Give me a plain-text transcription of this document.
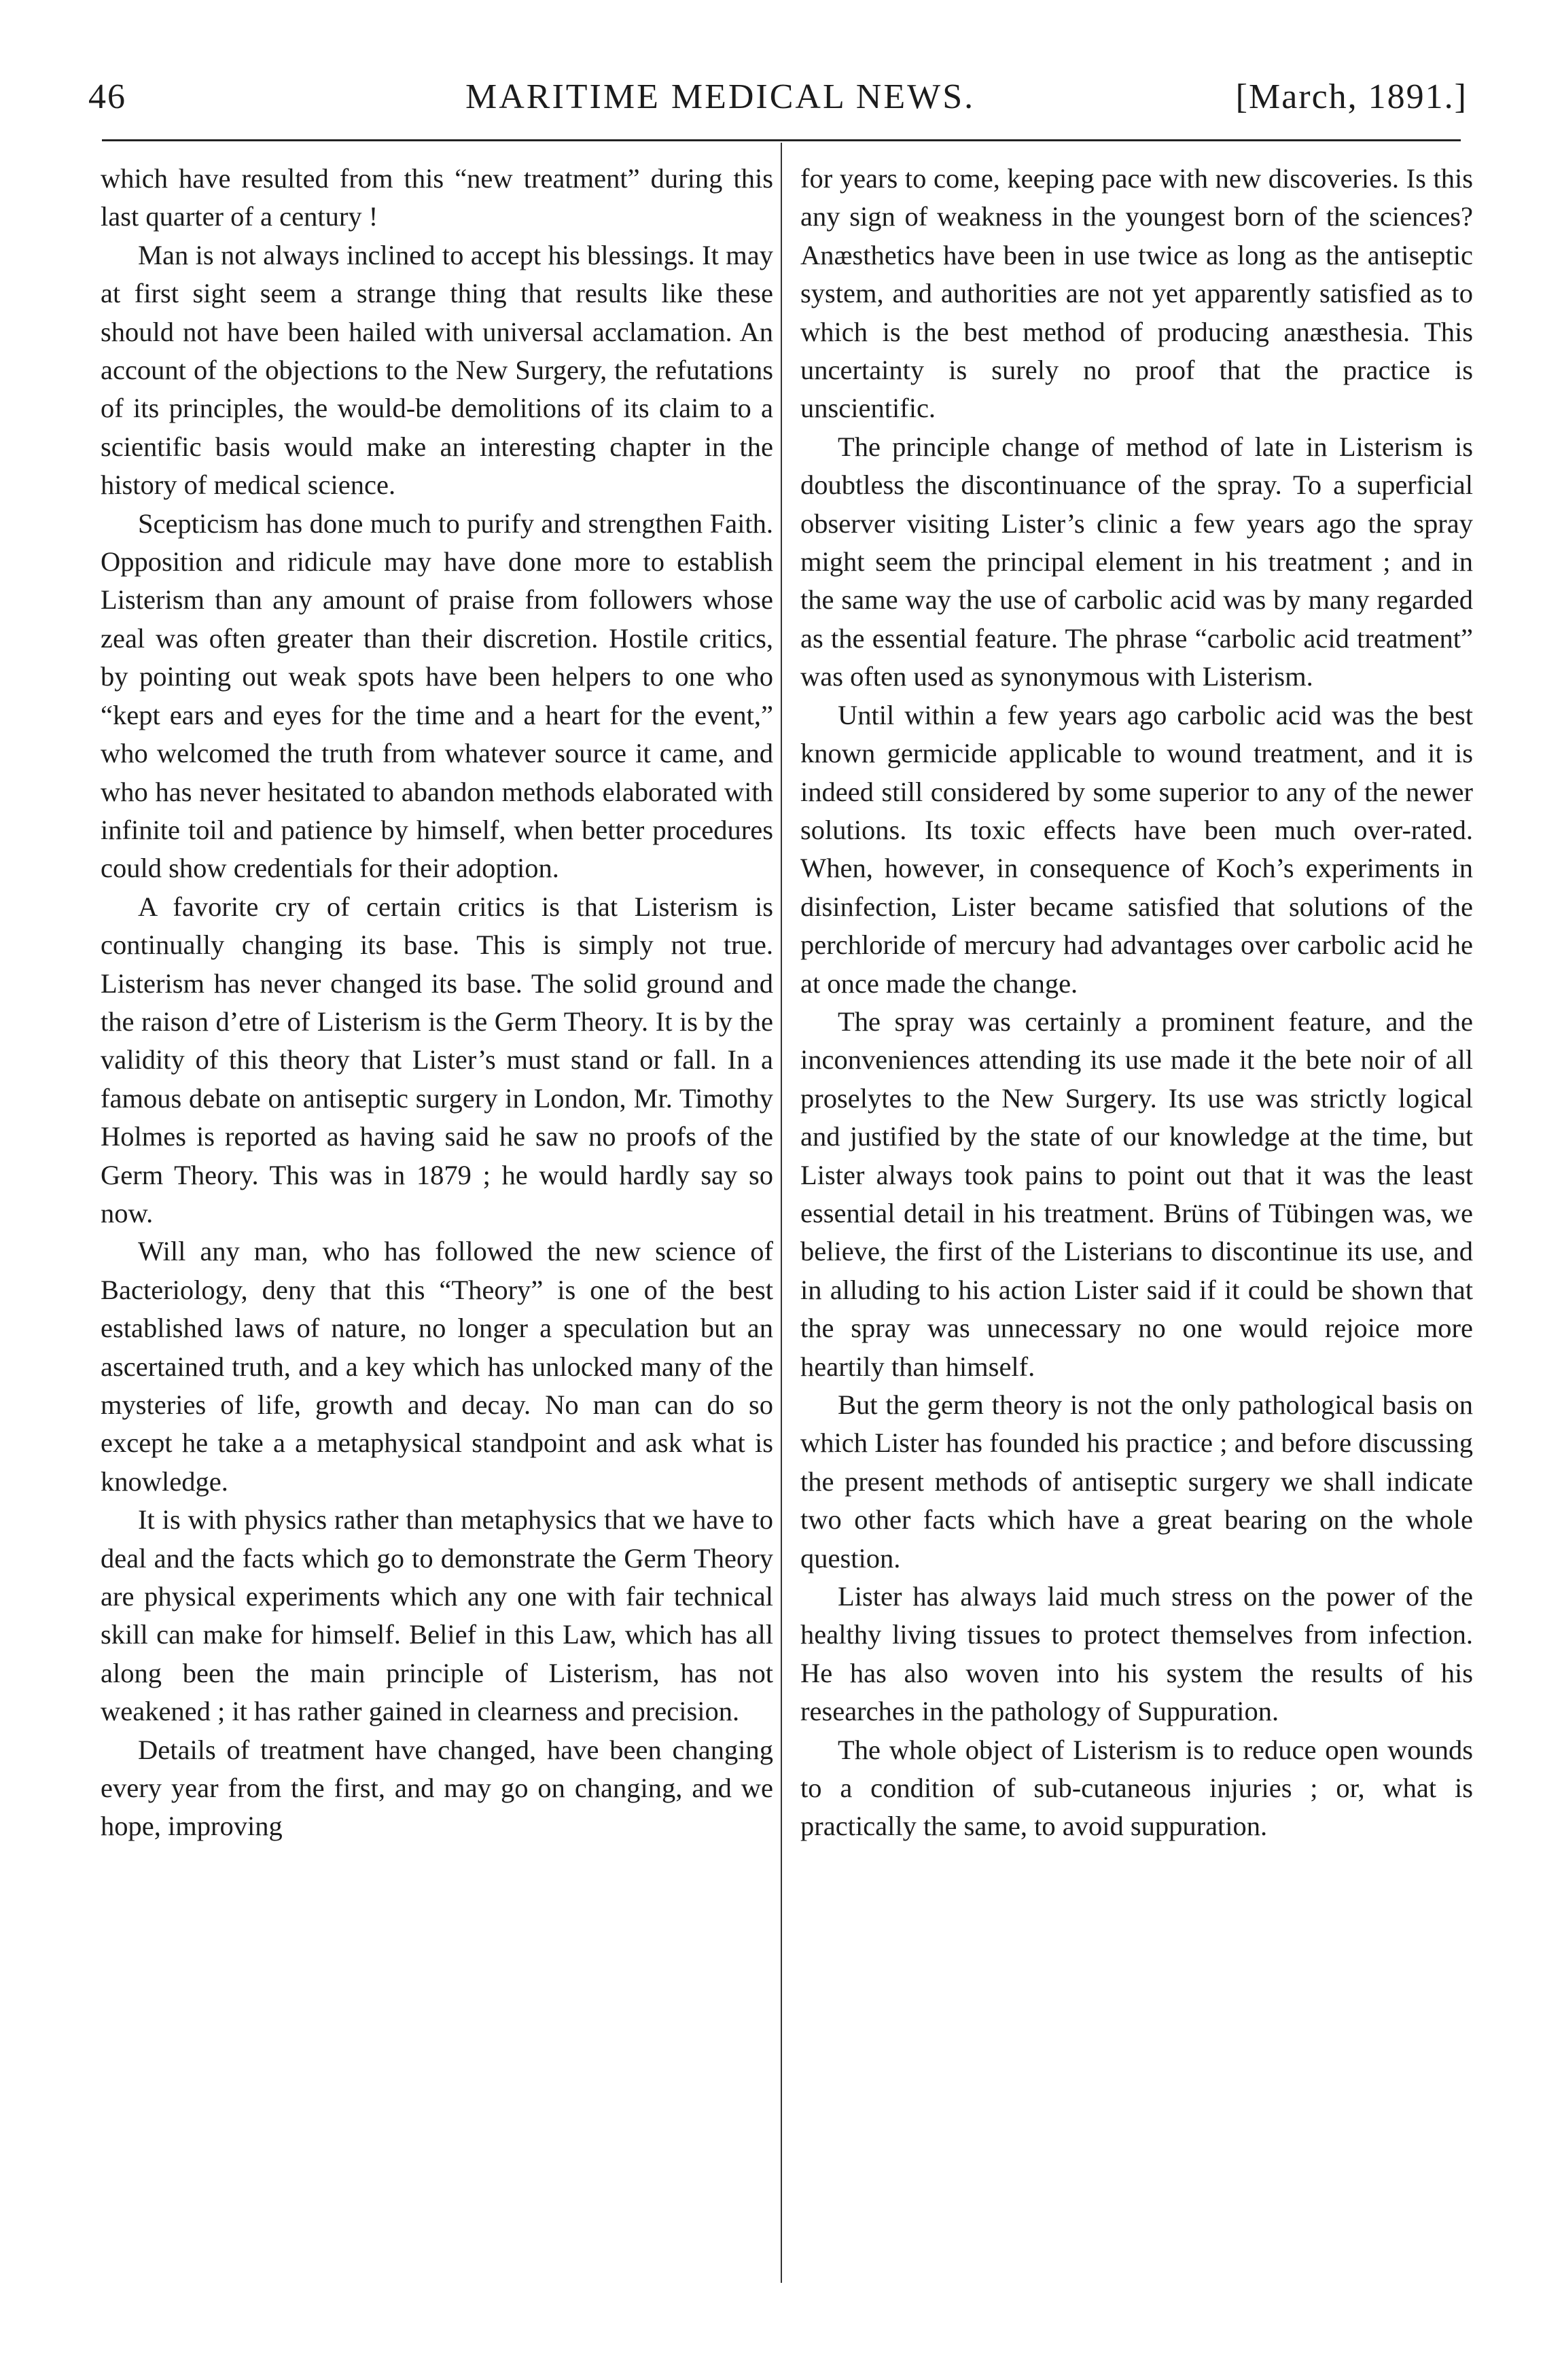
46	MARITIME MEDICAL NEWS.	[March, 1891.]

which have resulted from this “new treatment” during this last quarter of a century !

Man is not always inclined to accept his blessings. It may at first sight seem a strange thing that results like these should not have been hailed with universal acclamation. An account of the objections to the New Surgery, the refutations of its principles, the would-be demolitions of its claim to a scientific basis would make an interesting chapter in the history of medical science.

Scepticism has done much to purify and strengthen Faith. Opposition and ridicule may have done more to establish Listerism than any amount of praise from followers whose zeal was often greater than their discretion. Hostile critics, by pointing out weak spots have been helpers to one who “kept ears and eyes for the time and a heart for the event,” who welcomed the truth from whatever source it came, and who has never hesitated to abandon methods elaborated with infinite toil and patience by himself, when better procedures could show credentials for their adoption.

A favorite cry of certain critics is that Listerism is continually changing its base. This is simply not true. Listerism has never changed its base. The solid ground and the raison d’etre of Listerism is the Germ Theory. It is by the validity of this theory that Lister’s must stand or fall. In a famous debate on antiseptic surgery in London, Mr. Timothy Holmes is reported as having said he saw no proofs of the Germ Theory. This was in 1879 ; he would hardly say so now.

Will any man, who has followed the new science of Bacteriology, deny that this “Theory” is one of the best established laws of nature, no longer a speculation but an ascertained truth, and a key which has unlocked many of the mysteries of life, growth and decay. No man can do so except he take a a metaphysical standpoint and ask what is knowledge.

It is with physics rather than metaphysics that we have to deal and the facts which go to demonstrate the Germ Theory are physical experiments which any one with fair technical skill can make for himself. Belief in this Law, which has all along been the main principle of Listerism, has not weakened ; it has rather gained in clearness and precision.

Details of treatment have changed, have been changing every year from the first, and may go on changing, and we hope, improving

for years to come, keeping pace with new discoveries. Is this any sign of weakness in the youngest born of the sciences? Anæsthetics have been in use twice as long as the antiseptic system, and authorities are not yet apparently satisfied as to which is the best method of producing anæsthesia. This uncertainty is surely no proof that the practice is unscientific.

The principle change of method of late in Listerism is doubtless the discontinuance of the spray. To a superficial observer visiting Lister’s clinic a few years ago the spray might seem the principal element in his treatment ; and in the same way the use of carbolic acid was by many regarded as the essential feature. The phrase “carbolic acid treatment” was often used as synonymous with Listerism.

Until within a few years ago carbolic acid was the best known germicide applicable to wound treatment, and it is indeed still considered by some superior to any of the newer solutions. Its toxic effects have been much over-rated. When, however, in consequence of Koch’s experiments in disinfection, Lister became satisfied that solutions of the perchloride of mercury had advantages over carbolic acid he at once made the change.

The spray was certainly a prominent feature, and the inconveniences attending its use made it the bete noir of all proselytes to the New Surgery. Its use was strictly logical and justified by the state of our knowledge at the time, but Lister always took pains to point out that it was the least essential detail in his treatment. Brüns of Tübingen was, we believe, the first of the Listerians to discontinue its use, and in alluding to his action Lister said if it could be shown that the spray was unnecessary no one would rejoice more heartily than himself.

But the germ theory is not the only pathological basis on which Lister has founded his practice ; and before discussing the present methods of antiseptic surgery we shall indicate two other facts which have a great bearing on the whole question.

Lister has always laid much stress on the power of the healthy living tissues to protect themselves from infection. He has also woven into his system the results of his researches in the pathology of Suppuration.

The whole object of Listerism is to reduce open wounds to a condition of sub-cutaneous injuries ; or, what is practically the same, to avoid suppuration.
